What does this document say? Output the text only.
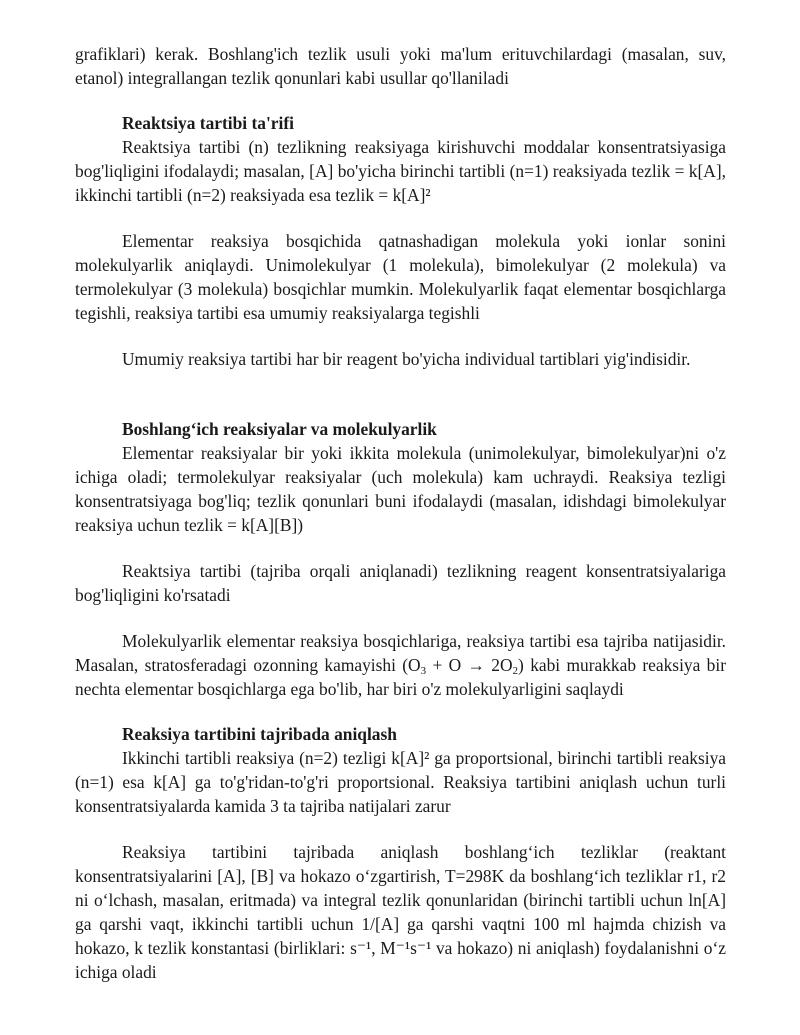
grafiklari) kerak. Boshlang'ich tezlik usuli yoki ma'lum erituvchilardagi (masalan, suv, etanol) integrallangan tezlik qonunlari kabi usullar qo'llaniladi

Reaktsiya tartibi ta'rifi

Reaktsiya tartibi (n) tezlikning reaksiyaga kirishuvchi moddalar konsentratsiyasiga bog'liqligini ifodalaydi; masalan, [A] bo'yicha birinchi tartibli (n=1) reaksiyada tezlik = k[A], ikkinchi tartibli (n=2) reaksiyada esa tezlik = k[A]²

Elementar reaksiya bosqichida qatnashadigan molekula yoki ionlar sonini molekulyarlik aniqlaydi. Unimolekulyar (1 molekula), bimolekulyar (2 molekula) va termolekulyar (3 molekula) bosqichlar mumkin. Molekulyarlik faqat elementar bosqichlarga tegishli, reaksiya tartibi esa umumiy reaksiyalarga tegishli

Umumiy reaksiya tartibi har bir reagent bo'yicha individual tartiblari yig'indisidir.

Boshlang‘ich reaksiyalar va molekulyarlik

Elementar reaksiyalar bir yoki ikkita molekula (unimolekulyar, bimolekulyar)ni o'z ichiga oladi; termolekulyar reaksiyalar (uch molekula) kam uchraydi. Reaksiya tezligi konsentratsiyaga bog'liq; tezlik qonunlari buni ifodalaydi (masalan, idishdagi bimolekulyar reaksiya uchun tezlik = k[A][B])

Reaktsiya tartibi (tajriba orqali aniqlanadi) tezlikning reagent konsentratsiyalariga bog'liqligini ko'rsatadi

Molekulyarlik elementar reaksiya bosqichlariga, reaksiya tartibi esa tajriba natijasidir. Masalan, stratosferadagi ozonning kamayishi $(O_3 + O \to 2O_2)$ kabi murakkab reaksiya bir nechta elementar bosqichlarga ega bo'lib, har biri o'z molekulyarligini saqlaydi

Reaksiya tartibini tajribada aniqlash

Ikkinchi tartibli reaksiya (n=2) tezligi k[A]² ga proportsional, birinchi tartibli reaksiya (n=1) esa k[A] ga to'g'ridan-to'g'ri proportsional. Reaksiya tartibini aniqlash uchun turli konsentratsiyalarda kamida 3 ta tajriba natijalari zarur

Reaksiya tartibini tajribada aniqlash boshlang‘ich tezliklar (reaktant konsentratsiyalarini [A], [B] va hokazo o‘zgartirish, T=298K da boshlang‘ich tezliklar r1, r2 ni o‘lchash, masalan, eritmada) va integral tezlik qonunlaridan (birinchi tartibli uchun ln[A] ga qarshi vaqt, ikkinchi tartibli uchun 1/[A] ga qarshi vaqtni 100 ml hajmda chizish va hokazo, k tezlik konstantasi (birliklari: s⁻¹, M⁻¹s⁻¹ va hokazo) ni aniqlash) foydalanishni o‘z ichiga oladi
